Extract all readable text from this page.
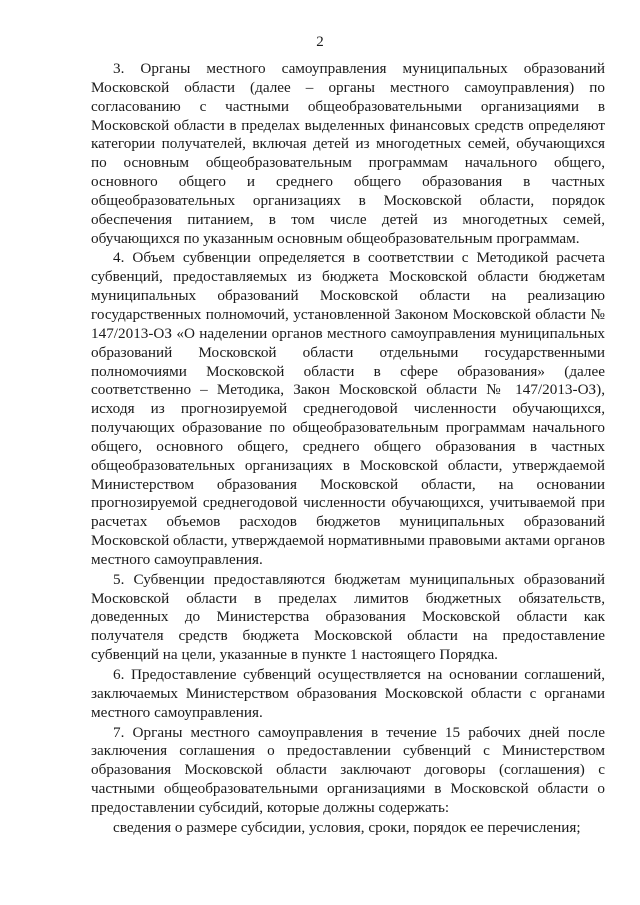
2

3. Органы местного самоуправления муниципальных образований Московской области (далее – органы местного самоуправления) по согласованию с частными общеобразовательными организациями в Московской области в пределах выделенных финансовых средств определяют категории получателей, включая детей из многодетных семей, обучающихся по основным общеобразовательным программам начального общего, основного общего и среднего общего образования в частных общеобразовательных организациях в Московской области, порядок обеспечения питанием, в том числе детей из многодетных семей, обучающихся по указанным основным общеобразовательным программам.

4. Объем субвенции определяется в соответствии с Методикой расчета субвенций, предоставляемых из бюджета Московской области бюджетам муниципальных образований Московской области на реализацию государственных полномочий, установленной Законом Московской области № 147/2013-ОЗ «О наделении органов местного самоуправления муниципальных образований Московской области отдельными государственными полномочиями Московской области в сфере образования» (далее соответственно – Методика, Закон Московской области № 147/2013-ОЗ), исходя из прогнозируемой среднегодовой численности обучающихся, получающих образование по общеобразовательным программам начального общего, основного общего, среднего общего образования в частных общеобразовательных организациях в Московской области, утверждаемой Министерством образования Московской области, на основании прогнозируемой среднегодовой численности обучающихся, учитываемой при расчетах объемов расходов бюджетов муниципальных образований Московской области, утверждаемой нормативными правовыми актами органов местного самоуправления.

5. Субвенции предоставляются бюджетам муниципальных образований Московской области в пределах лимитов бюджетных обязательств, доведенных до Министерства образования Московской области как получателя средств бюджета Московской области на предоставление субвенций на цели, указанные в пункте 1 настоящего Порядка.

6. Предоставление субвенций осуществляется на основании соглашений, заключаемых Министерством образования Московской области с органами местного самоуправления.

7. Органы местного самоуправления в течение 15 рабочих дней после заключения соглашения о предоставлении субвенций с Министерством образования Московской области заключают договоры (соглашения) с частными общеобразовательными организациями в Московской области о предоставлении субсидий, которые должны содержать:

сведения о размере субсидии, условия, сроки, порядок ее перечисления;
